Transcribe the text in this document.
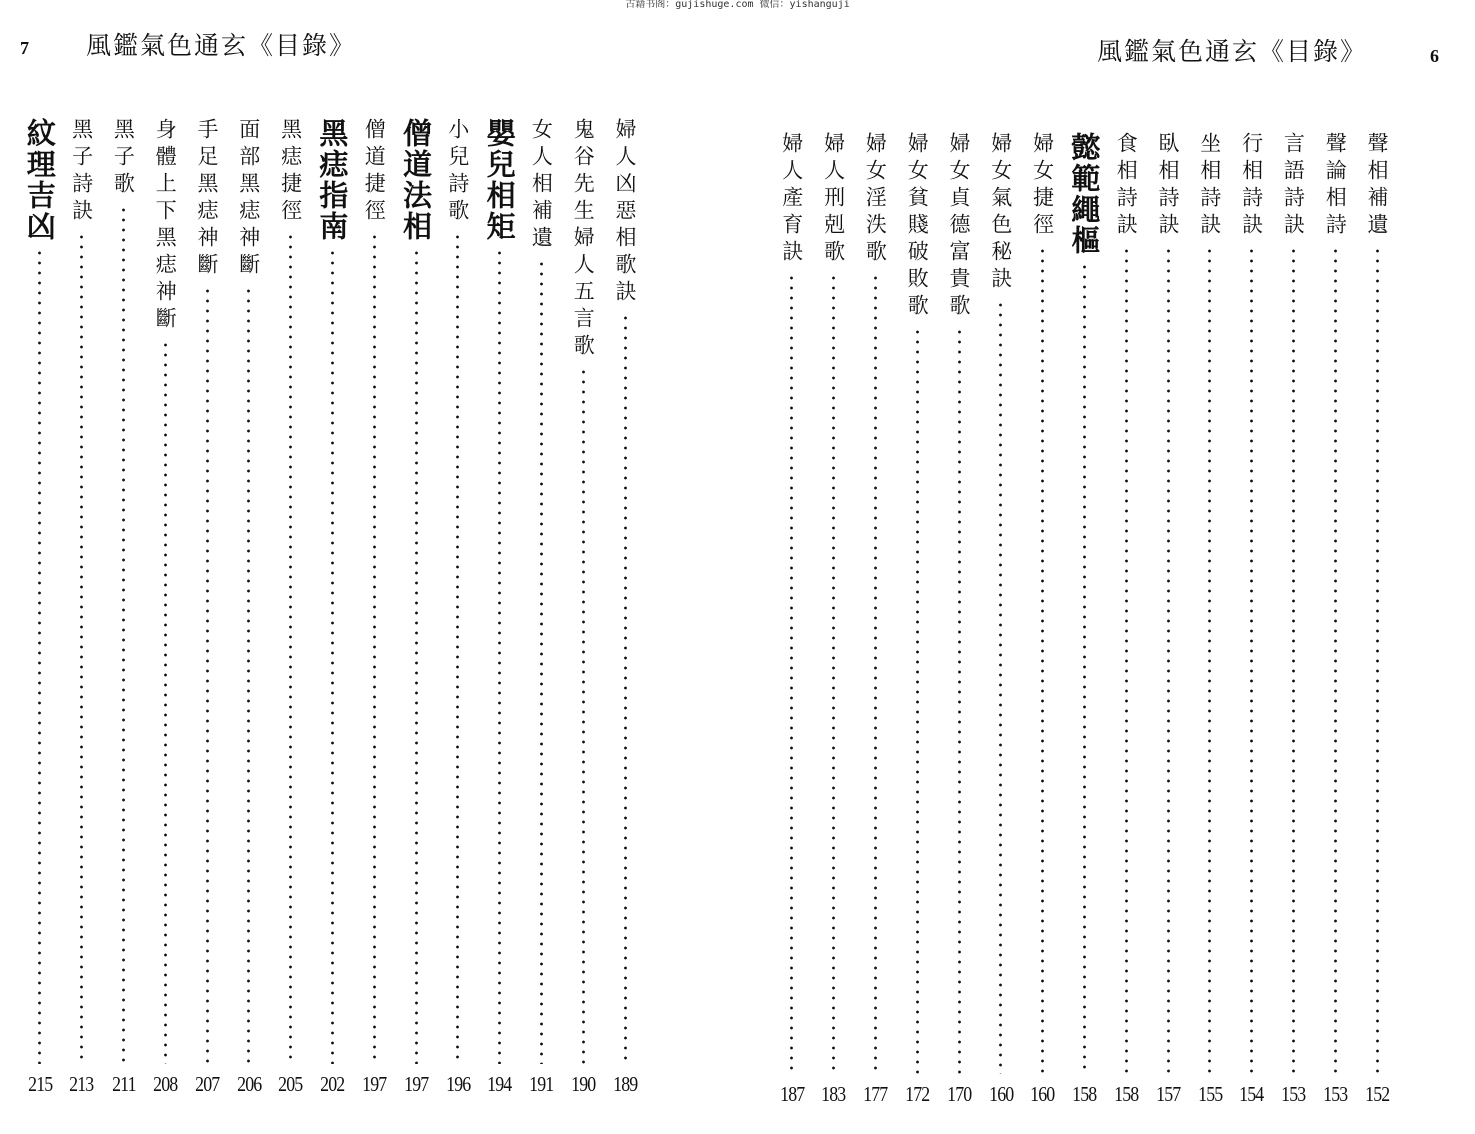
古籍书阁：gujishuge.com 微信：yishanguji
7 風鑑氣色通玄《目錄》
婦人凶惡相歌訣
189
鬼谷先生婦人五言歌
190
女人相補遺
191
嬰兒相矩
194
小兒詩歌
196
僧道法相
197
僧道捷徑
197
黑痣指南
202
黑痣捷徑
205
面部黑痣神斷
206
手足黑痣神斷
207
身體上下黑痣神斷
208
黑子歌
211
黑子詩訣
213
紋理吉凶
215
6
風鑑氣色通玄《目錄》
聲相補遺
152
聲論相詩
153
言語詩訣
153
行相詩訣
154
坐相詩訣
155
臥相詩訣
157
食相詩訣
158
懿範繩樞
158
婦女捷徑
160
婦女氣色秘訣
160
婦女貞德富貴歌
170
婦女貧賤破敗歌
172
婦女淫泆歌
177
婦人刑剋歌
183
婦人產育訣
187
